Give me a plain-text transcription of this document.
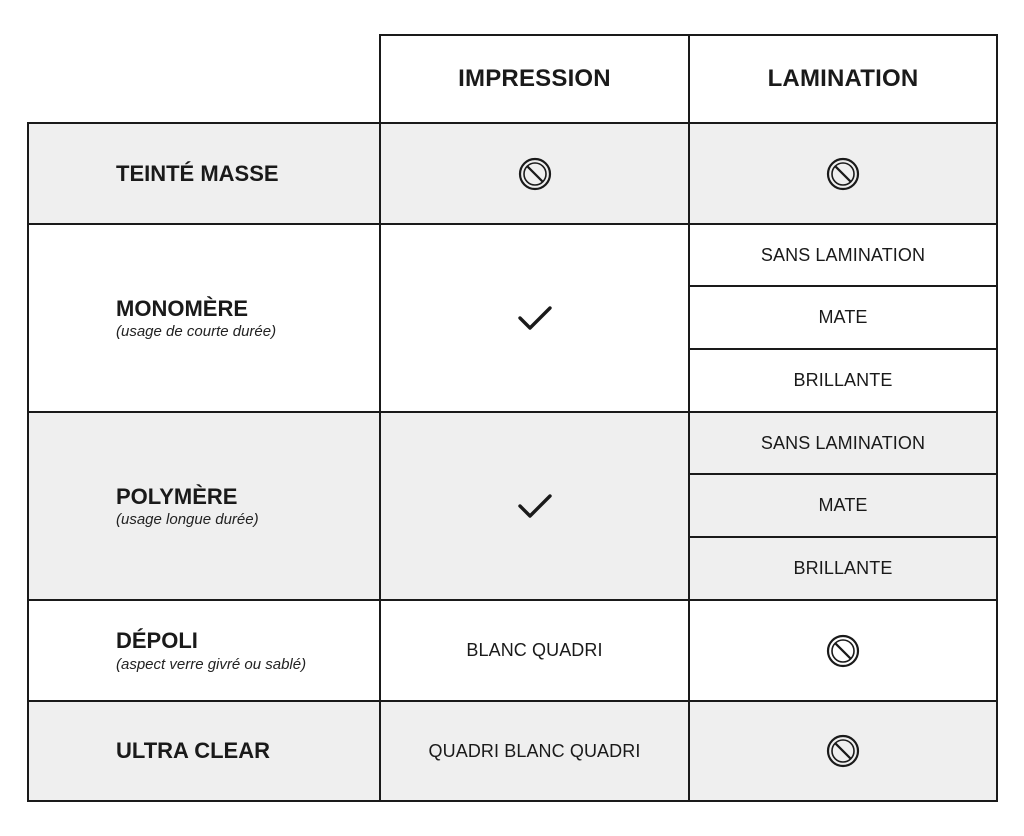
IMPRESSION	LAMINATION
TEINTÉ MASSE
MONOMÈRE
(usage de courte durée)
SANS LAMINATION
MATE
BRILLANTE
POLYMÈRE
(usage longue durée)
SANS LAMINATION
MATE
BRILLANTE
DÉPOLI
(aspect verre givré ou sablé)
BLANC QUADRI
ULTRA CLEAR	QUADRI BLANC QUADRI
